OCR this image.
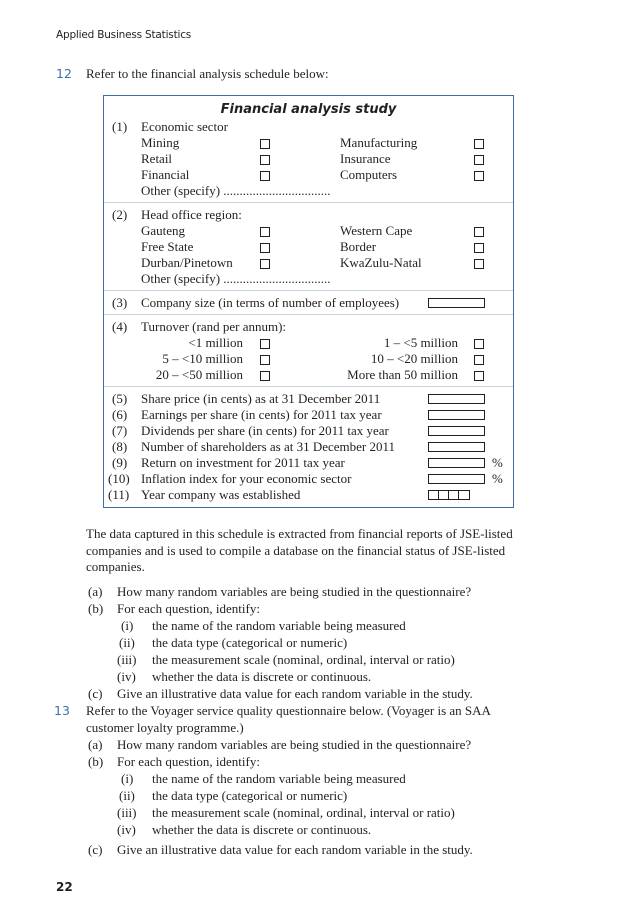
Applied Business Statistics
12 Refer to the financial analysis schedule below:
Financial analysis study
(1) Economic sector
Mining
Retail
Financial
Manufacturing
Insurance
Computers
Other (specify) .................................
(2) Head office region:
Gauteng
Free State
Durban/Pinetown
Western Cape
Border
KwaZulu-Natal
Other (specify) .................................
(3) Company size (in terms of number of employees)
(4) Turnover (rand per annum):
<1 million
5 – <10 million
20 – <50 million
1 – <5 million
10 – <20 million
More than 50 million
(5) Share price (in cents) as at 31 December 2011
(6) Earnings per share (in cents) for 2011 tax year
(7) Dividends per share (in cents) for 2011 tax year
(8) Number of shareholders as at 31 December 2011
(9) Return on investment for 2011 tax year	%
(10) Inflation index for your economic sector	%
(11) Year company was established
The data captured in this schedule is extracted from financial reports of JSE-listed companies and is used to compile a database on the financial status of JSE-listed companies.
(a) How many random variables are being studied in the questionnaire?
(b) For each question, identify:
(i) the name of the random variable being measured
(ii) the data type (categorical or numeric)
(iii) the measurement scale (nominal, ordinal, interval or ratio)
(iv) whether the data is discrete or continuous.
(c) Give an illustrative data value for each random variable in the study.
13 Refer to the Voyager service quality questionnaire below. (Voyager is an SAA
customer loyalty programme.)
(a) How many random variables are being studied in the questionnaire?
(b) For each question, identify:
(i) the name of the random variable being measured
(ii) the data type (categorical or numeric)
(iii) the measurement scale (nominal, ordinal, interval or ratio)
(iv) whether the data is discrete or continuous.
(c) Give an illustrative data value for each random variable in the study.
22
